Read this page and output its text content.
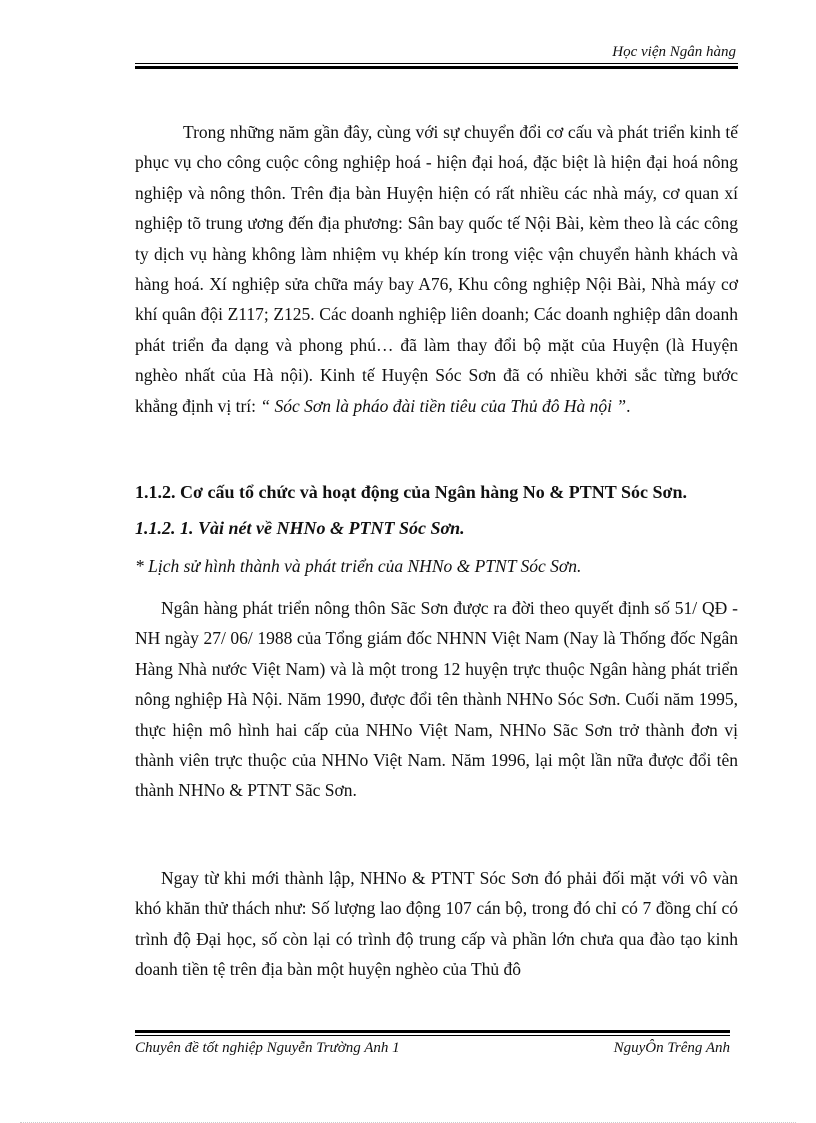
Học viện Ngân hàng

Trong những năm gần đây, cùng với sự chuyển đổi cơ cấu và phát triển kinh tế phục vụ cho công cuộc công nghiệp hoá - hiện đại hoá, đặc biệt là hiện đại hoá nông nghiệp và nông thôn. Trên địa bàn Huyện hiện có rất nhiều các nhà máy, cơ quan xí nghiệp tõ trung ương đến địa phương: Sân bay quốc tế Nội Bài, kèm theo là các công ty dịch vụ hàng không làm nhiệm vụ khép kín trong việc vận chuyển hành khách và hàng hoá. Xí nghiệp sửa chữa máy bay A76, Khu công nghiệp Nội Bài, Nhà máy cơ khí quân đội Z117; Z125. Các doanh nghiệp liên doanh; Các doanh nghiệp dân doanh phát triển đa dạng và phong phú… đã làm thay đổi bộ mặt của Huyện (là Huyện nghèo nhất của Hà nội). Kinh tế Huyện Sóc Sơn đã có nhiều khởi sắc từng bước khẳng định vị trí: “ Sóc Sơn là pháo đài tiền tiêu của Thủ đô Hà nội ”.

1.1.2. Cơ cấu tổ chức và hoạt động của Ngân hàng No & PTNT Sóc Sơn.

1.1.2. 1. Vài nét về NHNo & PTNT Sóc Sơn.

* Lịch sử hình thành và phát triển của NHNo & PTNT Sóc Sơn.

Ngân hàng phát triển nông thôn Sãc Sơn được ra đời theo quyết định số 51/ QĐ - NH ngày 27/ 06/ 1988 của Tổng giám đốc NHNN Việt Nam (Nay là Thống đốc Ngân Hàng Nhà nước Việt Nam) và là một trong 12 huyện trực thuộc Ngân hàng phát triển nông nghiệp Hà Nội. Năm 1990, được đổi tên thành NHNo Sóc Sơn. Cuối năm 1995, thực hiện mô hình hai cấp của NHNo Việt Nam, NHNo Sãc Sơn trở thành đơn vị thành viên trực thuộc của NHNo Việt Nam. Năm 1996, lại một lần nữa được đổi tên thành NHNo & PTNT Sãc Sơn.

Ngay từ khi mới thành lập, NHNo & PTNT Sóc Sơn đó phải đối mặt với vô vàn khó khăn thử thách như: Số lượng lao động 107 cán bộ, trong đó chỉ có 7 đồng chí có trình độ Đại học, số còn lại có trình độ trung cấp và phần lớn chưa qua đào tạo kinh doanh tiền tệ trên địa bàn một huyện nghèo của Thủ đô

Chuyên đề tốt nghiệp Nguyễn Trường Anh 1	NguyÔn Trêng Anh
